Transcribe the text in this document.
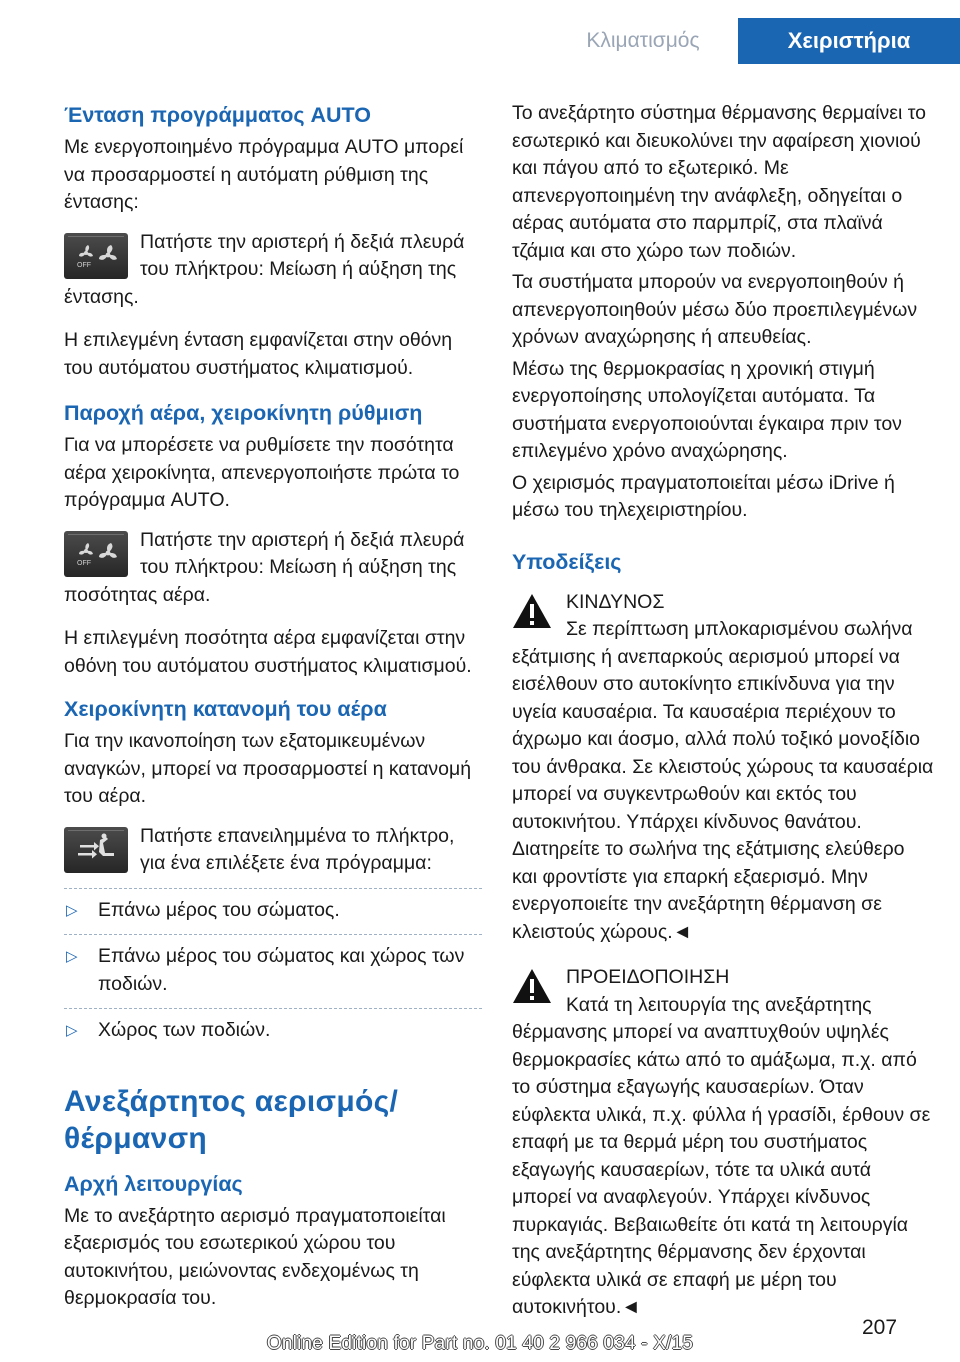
Κλιματισμός	Χειριστήρια
Ένταση προγράμματος AUTO
Με ενεργοποιημένο πρόγραμμα AUTO μπορεί να προσαρμοστεί η αυτόματη ρύθμιση της έντασης:
OFF
Πατήστε την αριστερή ή δεξιά πλευρά του πλήκτρου: Μείωση ή αύξηση της έντασης.
Η επιλεγμένη ένταση εμφανίζεται στην οθόνη του αυτόματου συστήματος κλιματισμού.
Παροχή αέρα, χειροκίνητη ρύθμιση
Για να μπορέσετε να ρυθμίσετε την ποσότητα αέρα χειροκίνητα, απενεργοποιήστε πρώτα το πρόγραμμα AUTO.
OFF
Πατήστε την αριστερή ή δεξιά πλευρά του πλήκτρου: Μείωση ή αύξηση της ποσότητας αέρα.
Η επιλεγμένη ποσότητα αέρα εμφανίζεται στην οθόνη του αυτόματου συστήματος κλιματισμού.
Χειροκίνητη κατανομή του αέρα
Για την ικανοποίηση των εξατομικευμένων αναγκών, μπορεί να προσαρμοστεί η κατανομή του αέρα.
Πατήστε επανειλημμένα το πλήκτρο, για ένα επιλέξετε ένα πρόγραμμα:
▷	Επάνω μέρος του σώματος.
▷	Επάνω μέρος του σώματος και χώρος των ποδιών.
▷	Χώρος των ποδιών.
Ανεξάρτητος αερισμός/θέρμανση
Αρχή λειτουργίας
Με το ανεξάρτητο αερισμό πραγματοποιείται εξαερισμός του εσωτερικού χώρου του αυτοκινήτου, μειώνοντας ενδεχομένως τη θερμοκρασία του.
Το ανεξάρτητο σύστημα θέρμανσης θερμαίνει το εσωτερικό και διευκολύνει την αφαίρεση χιονιού και πάγου από το εξωτερικό. Με απενεργοποιημένη την ανάφλεξη, οδηγείται ο αέρας αυτόματα στο παρμπρίζ, στα πλαϊνά τζάμια και στο χώρο των ποδιών.
Τα συστήματα μπορούν να ενεργοποιηθούν ή απενεργοποιηθούν μέσω δύο προεπιλεγμένων χρόνων αναχώρησης ή απευθείας.
Μέσω της θερμοκρασίας η χρονική στιγμή ενεργοποίησης υπολογίζεται αυτόματα. Τα συστήματα ενεργοποιούνται έγκαιρα πριν τον επιλεγμένο χρόνο αναχώρησης.
Ο χειρισμός πραγματοποιείται μέσω iDrive ή μέσω του τηλεχειριστηρίου.
Υποδείξεις
ΚΙΝΔΥΝΟΣ
Σε περίπτωση μπλοκαρισμένου σωλήνα εξάτμισης ή ανεπαρκούς αερισμού μπορεί να εισέλθουν στο αυτοκίνητο επικίνδυνα για την υγεία καυσαέρια. Τα καυσαέρια περιέχουν το άχρωμο και άοσμο, αλλά πολύ τοξικό μονοξίδιο του άνθρακα. Σε κλειστούς χώρους τα καυσαέρια μπορεί να συγκεντρωθούν και εκτός του αυτοκινήτου. Υπάρχει κίνδυνος θανάτου. Διατηρείτε το σωλήνα της εξάτμισης ελεύθερο και φροντίστε για επαρκή εξαερισμό. Μην ενεργοποιείτε την ανεξάρτητη θέρμανση σε κλειστούς χώρους.◄
ΠΡΟΕΙΔΟΠΟΙΗΣΗ
Κατά τη λειτουργία της ανεξάρτητης θέρμανσης μπορεί να αναπτυχθούν υψηλές θερμοκρασίες κάτω από το αμάξωμα, π.χ. από το σύστημα εξαγωγής καυσαερίων. Όταν εύφλεκτα υλικά, π.χ. φύλλα ή γρασίδι, έρθουν σε επαφή με τα θερμά μέρη του συστήματος εξαγωγής καυσαερίων, τότε τα υλικά αυτά μπορεί να αναφλεγούν. Υπάρχει κίνδυνος πυρκαγιάς. Βεβαιωθείτε ότι κατά τη λειτουργία της ανεξάρτητης θέρμανσης δεν έρχονται εύφλεκτα υλικά σε επαφή με μέρη του αυτοκινήτου.◄
207
Online Edition for Part no. 01 40 2 966 034 - X/15
